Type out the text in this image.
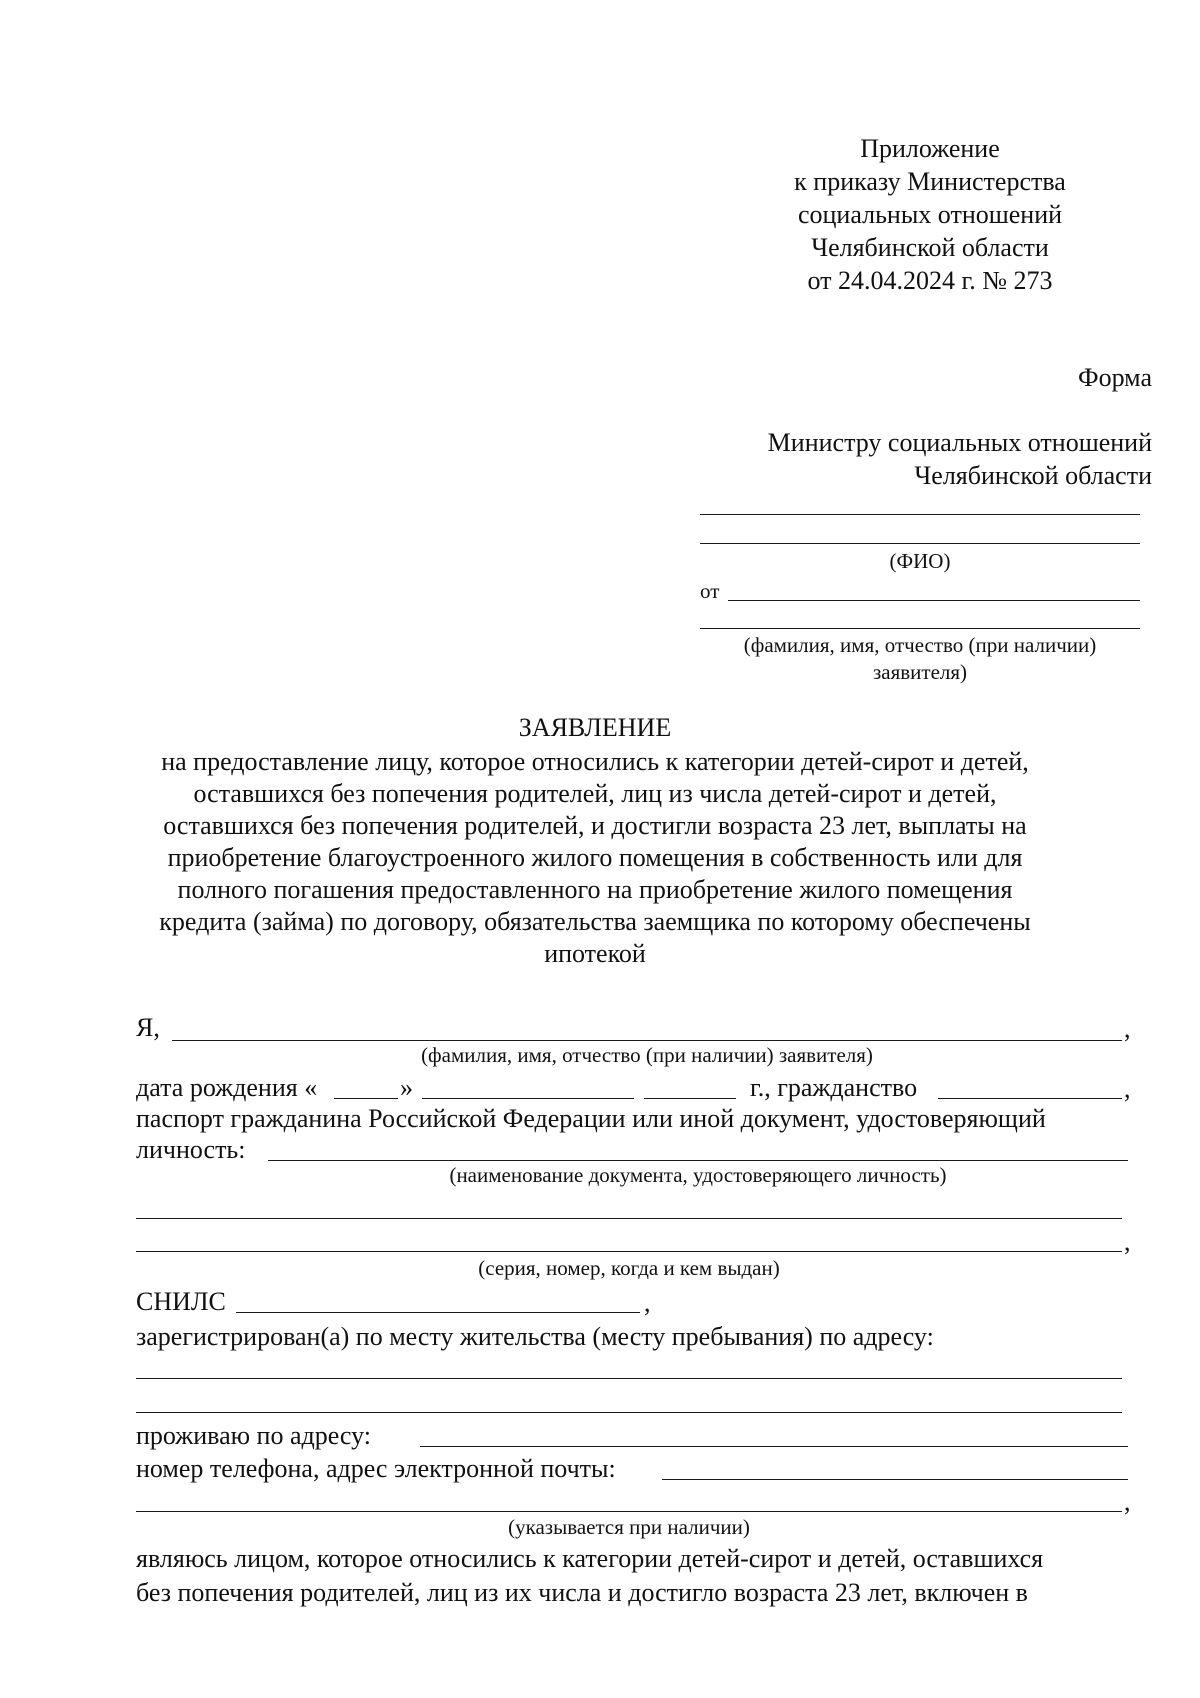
Приложение
к приказу Министерства
социальных отношений
Челябинской области
от 24.04.2024 г. № 273
Форма
Министру социальных отношений
Челябинской области
(ФИО)
от
(фамилия, имя, отчество (при наличии)
заявителя)
ЗАЯВЛЕНИЕ
на предоставление лицу, которое относились к категории детей-сирот и детей,
оставшихся без попечения родителей, лиц из числа детей-сирот и детей,
оставшихся без попечения родителей, и достигли возраста 23 лет, выплаты на
приобретение благоустроенного жилого помещения в собственность или для
полного погашения предоставленного на приобретение жилого помещения
кредита (займа) по договору, обязательства заемщика по которому обеспечены
ипотекой
Я,	,
(фамилия, имя, отчество (при наличии) заявителя)
дата рождения «	»	г., гражданство	,
паспорт гражданина Российской Федерации или иной документ, удостоверяющий
личность:
(наименование документа, удостоверяющего личность)
,
(серия, номер, когда и кем выдан)
СНИЛС	,
зарегистрирован(а) по месту жительства (месту пребывания) по адресу:
проживаю по адресу:
номер телефона, адрес электронной почты:
,
(указывается при наличии)
являюсь лицом, которое относились к категории детей-сирот и детей, оставшихся
без попечения родителей, лиц из их числа и достигло возраста 23 лет, включен в
